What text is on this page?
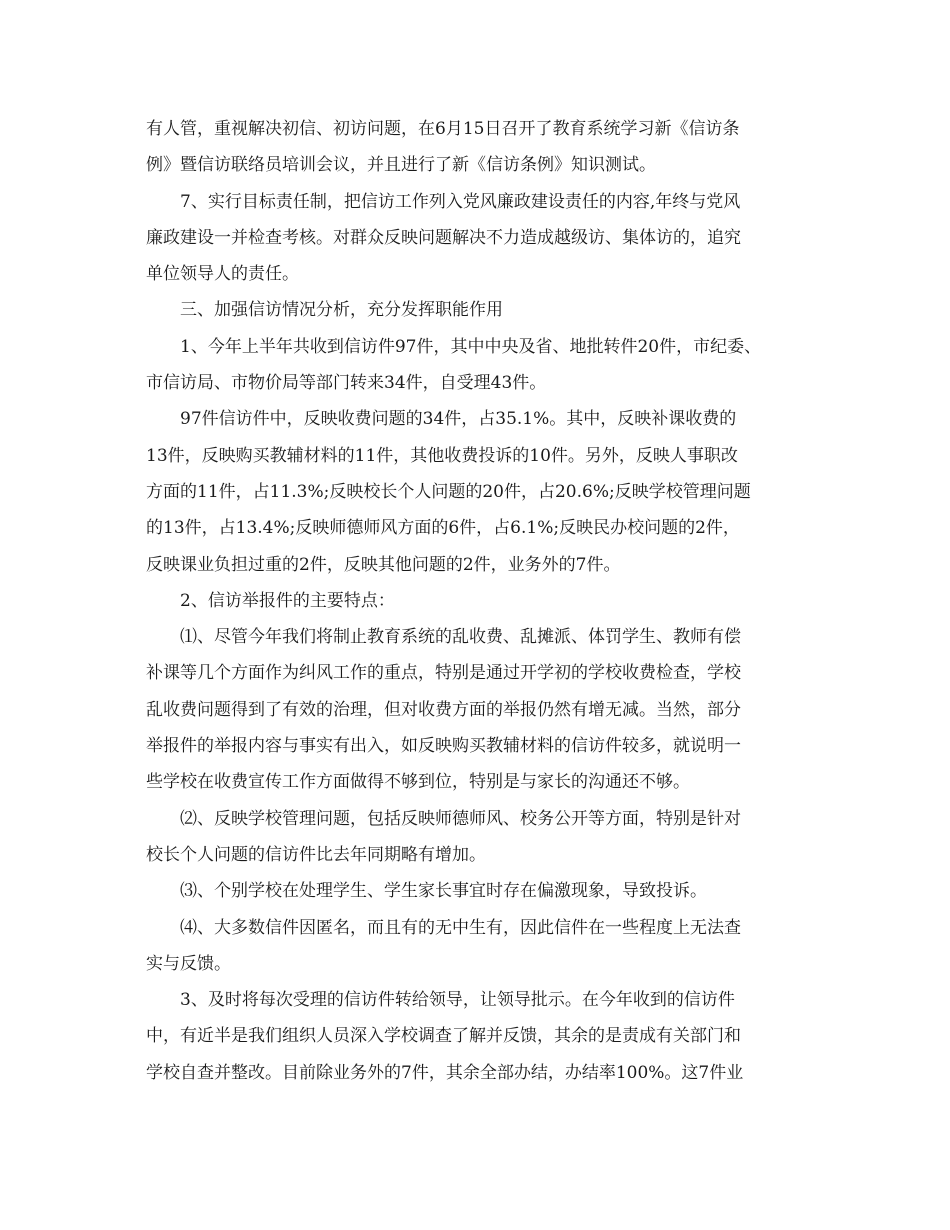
有人管，重视解决初信、初访问题，在6月15日召开了教育系统学习新《信访条
例》暨信访联络员培训会议，并且进行了新《信访条例》知识测试。
7、实行目标责任制，把信访工作列入党风廉政建设责任的内容,年终与党风
廉政建设一并检查考核。对群众反映问题解决不力造成越级访、集体访的，追究
单位领导人的责任。
三、加强信访情况分析，充分发挥职能作用
1、今年上半年共收到信访件97件，其中中央及省、地批转件20件，市纪委、
市信访局、市物价局等部门转来34件，自受理43件。
97件信访件中，反映收费问题的34件，占35.1%。其中，反映补课收费的
13件，反映购买教辅材料的11件，其他收费投诉的10件。另外，反映人事职改
方面的11件，占11.3%;反映校长个人问题的20件，占20.6%;反映学校管理问题
的13件，占13.4%;反映师德师风方面的6件，占6.1%;反映民办校问题的2件，
反映课业负担过重的2件，反映其他问题的2件，业务外的7件。
2、信访举报件的主要特点：
⑴、尽管今年我们将制止教育系统的乱收费、乱摊派、体罚学生、教师有偿
补课等几个方面作为纠风工作的重点，特别是通过开学初的学校收费检查，学校
乱收费问题得到了有效的治理，但对收费方面的举报仍然有增无减。当然，部分
举报件的举报内容与事实有出入，如反映购买教辅材料的信访件较多，就说明一
些学校在收费宣传工作方面做得不够到位，特别是与家长的沟通还不够。
⑵、反映学校管理问题，包括反映师德师风、校务公开等方面，特别是针对
校长个人问题的信访件比去年同期略有增加。
⑶、个别学校在处理学生、学生家长事宜时存在偏激现象，导致投诉。
⑷、大多数信件因匿名，而且有的无中生有，因此信件在一些程度上无法查
实与反馈。
3、及时将每次受理的信访件转给领导，让领导批示。在今年收到的信访件
中，有近半是我们组织人员深入学校调查了解并反馈，其余的是责成有关部门和
学校自查并整改。目前除业务外的7件，其余全部办结，办结率100%。这7件业
